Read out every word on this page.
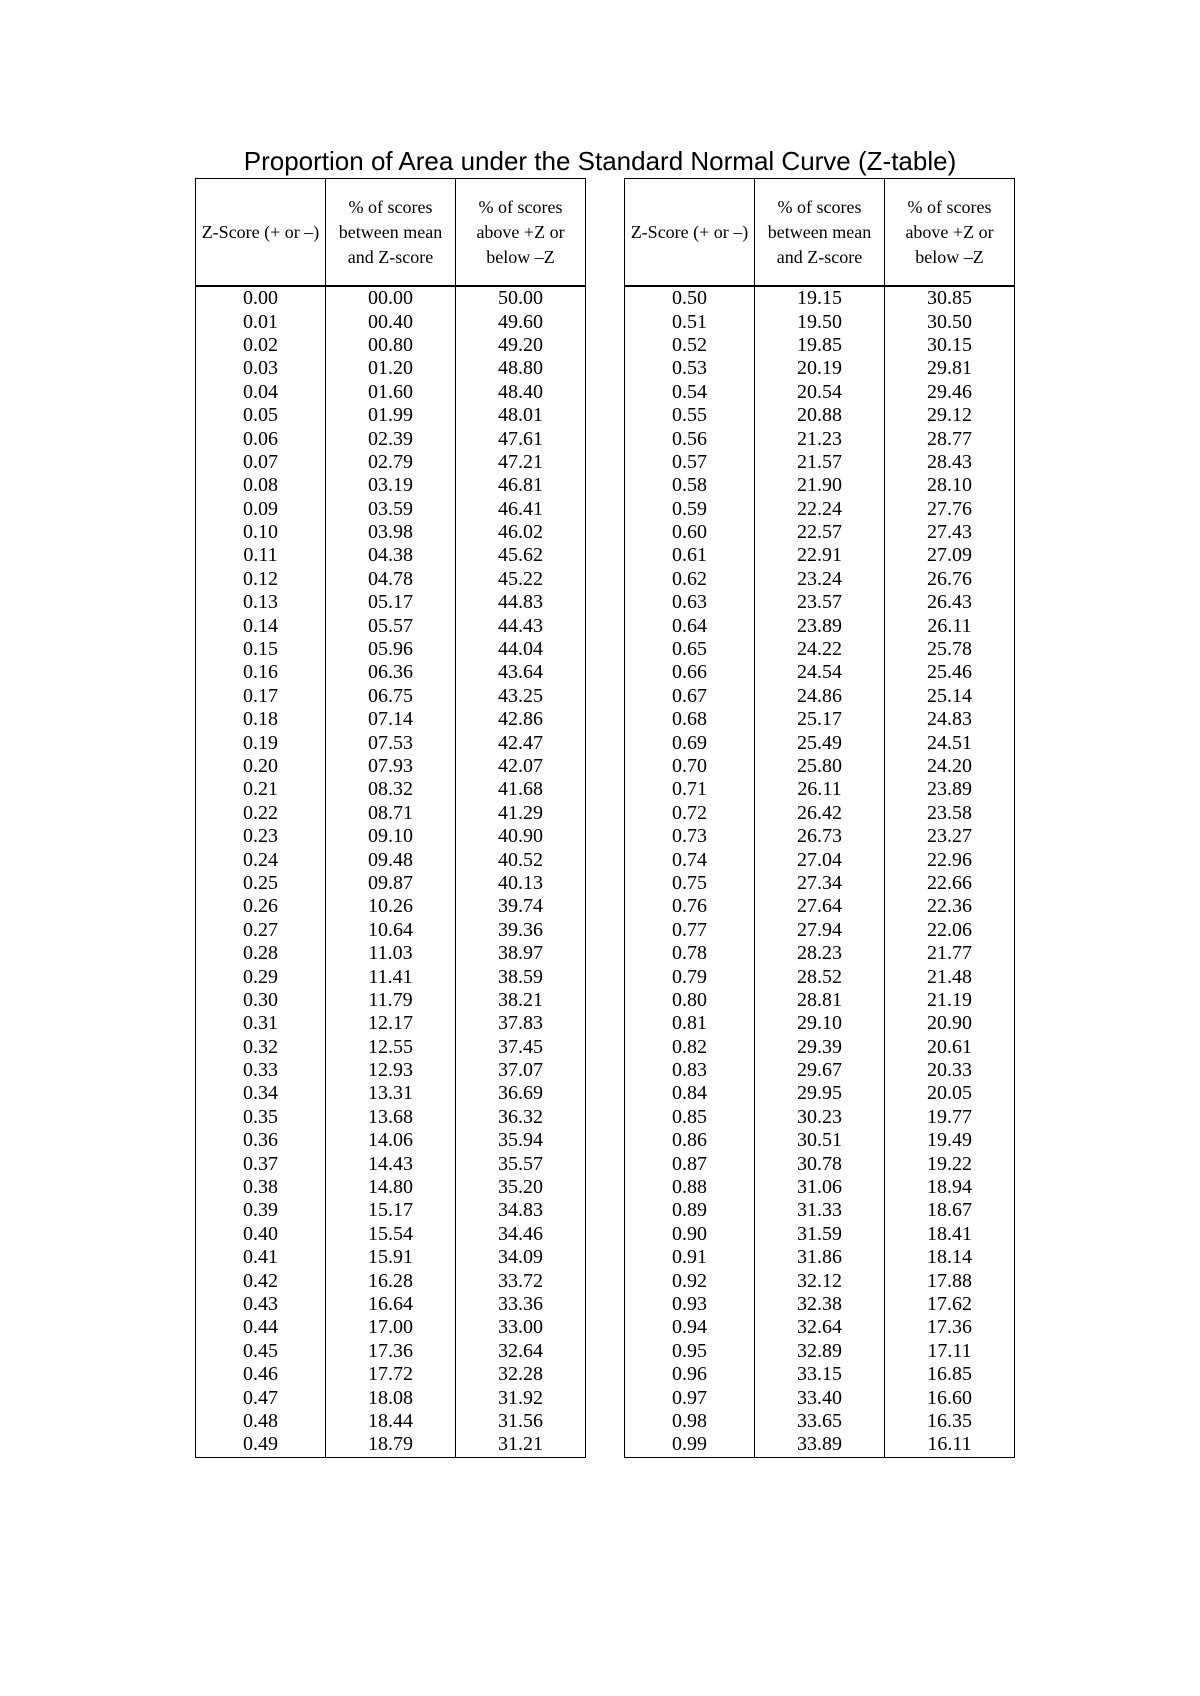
Proportion of Area under the Standard Normal Curve (Z-table)
Z-Score (+ or –)	% of scores between mean and Z-score	% of scores above +Z or below –Z
0.00	00.00	50.00
0.01	00.40	49.60
0.02	00.80	49.20
0.03	01.20	48.80
0.04	01.60	48.40
0.05	01.99	48.01
0.06	02.39	47.61
0.07	02.79	47.21
0.08	03.19	46.81
0.09	03.59	46.41
0.10	03.98	46.02
0.11	04.38	45.62
0.12	04.78	45.22
0.13	05.17	44.83
0.14	05.57	44.43
0.15	05.96	44.04
0.16	06.36	43.64
0.17	06.75	43.25
0.18	07.14	42.86
0.19	07.53	42.47
0.20	07.93	42.07
0.21	08.32	41.68
0.22	08.71	41.29
0.23	09.10	40.90
0.24	09.48	40.52
0.25	09.87	40.13
0.26	10.26	39.74
0.27	10.64	39.36
0.28	11.03	38.97
0.29	11.41	38.59
0.30	11.79	38.21
0.31	12.17	37.83
0.32	12.55	37.45
0.33	12.93	37.07
0.34	13.31	36.69
0.35	13.68	36.32
0.36	14.06	35.94
0.37	14.43	35.57
0.38	14.80	35.20
0.39	15.17	34.83
0.40	15.54	34.46
0.41	15.91	34.09
0.42	16.28	33.72
0.43	16.64	33.36
0.44	17.00	33.00
0.45	17.36	32.64
0.46	17.72	32.28
0.47	18.08	31.92
0.48	18.44	31.56
0.49	18.79	31.21
Z-Score (+ or –)	% of scores between mean and Z-score	% of scores above +Z or below –Z
0.50	19.15	30.85
0.51	19.50	30.50
0.52	19.85	30.15
0.53	20.19	29.81
0.54	20.54	29.46
0.55	20.88	29.12
0.56	21.23	28.77
0.57	21.57	28.43
0.58	21.90	28.10
0.59	22.24	27.76
0.60	22.57	27.43
0.61	22.91	27.09
0.62	23.24	26.76
0.63	23.57	26.43
0.64	23.89	26.11
0.65	24.22	25.78
0.66	24.54	25.46
0.67	24.86	25.14
0.68	25.17	24.83
0.69	25.49	24.51
0.70	25.80	24.20
0.71	26.11	23.89
0.72	26.42	23.58
0.73	26.73	23.27
0.74	27.04	22.96
0.75	27.34	22.66
0.76	27.64	22.36
0.77	27.94	22.06
0.78	28.23	21.77
0.79	28.52	21.48
0.80	28.81	21.19
0.81	29.10	20.90
0.82	29.39	20.61
0.83	29.67	20.33
0.84	29.95	20.05
0.85	30.23	19.77
0.86	30.51	19.49
0.87	30.78	19.22
0.88	31.06	18.94
0.89	31.33	18.67
0.90	31.59	18.41
0.91	31.86	18.14
0.92	32.12	17.88
0.93	32.38	17.62
0.94	32.64	17.36
0.95	32.89	17.11
0.96	33.15	16.85
0.97	33.40	16.60
0.98	33.65	16.35
0.99	33.89	16.11
